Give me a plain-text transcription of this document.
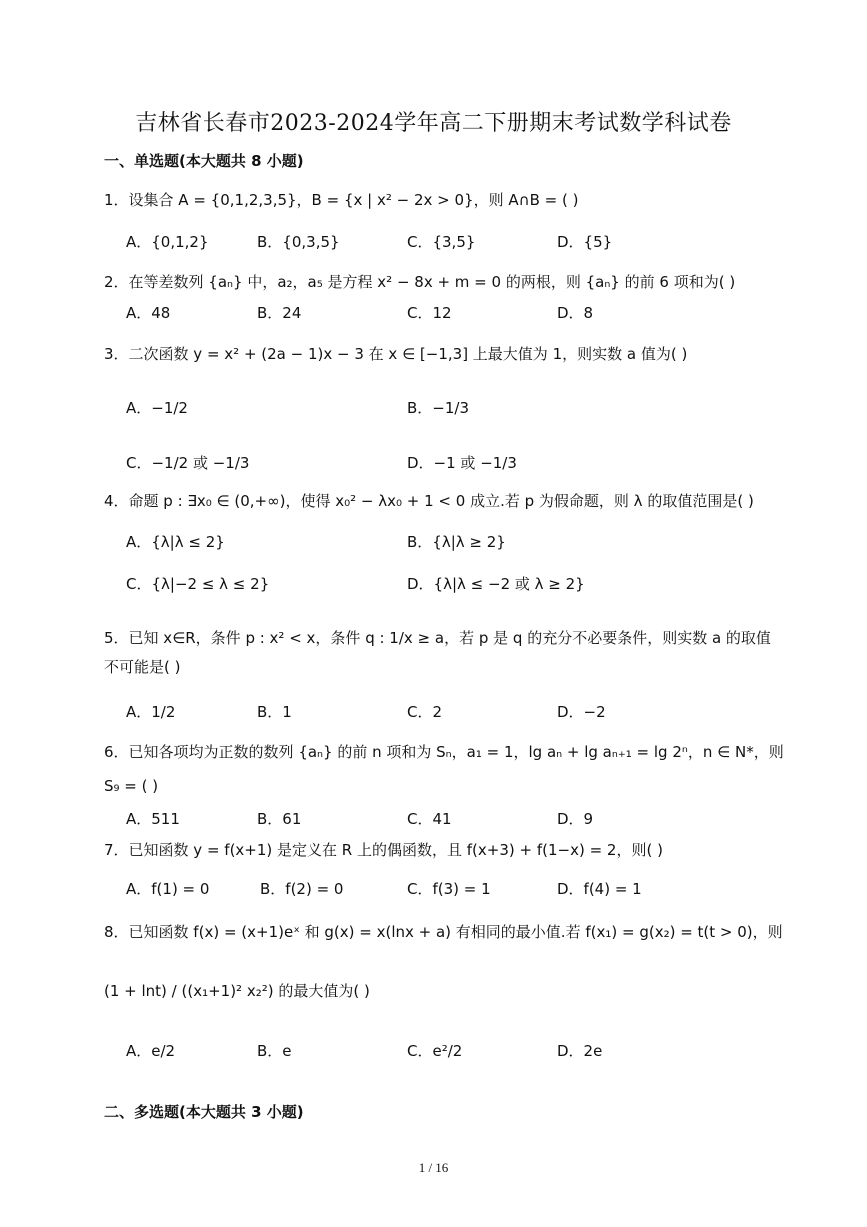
吉林省长春市2023-2024学年高二下册期末考试数学科试卷
一、单选题(本大题共 8 小题)
1．设集合 A = {0,1,2,3,5}，B = {x | x² − 2x > 0}，则 A∩B = ( )
A．{0,1,2}	B．{0,3,5}	C．{3,5}	D．{5}
2．在等差数列 {aₙ} 中，a₂，a₅ 是方程 x² − 8x + m = 0 的两根，则 {aₙ} 的前 6 项和为( )
A．48	B．24	C．12	D．8
3．二次函数 y = x² + (2a − 1)x − 3 在 x ∈ [−1,3] 上最大值为 1，则实数 a 值为( )
A．−1/2	B．−1/3
C．−1/2 或 −1/3	D．−1 或 −1/3
4．命题 p : ∃x₀ ∈ (0,+∞)，使得 x₀² − λx₀ + 1 < 0 成立.若 p 为假命题，则 λ 的取值范围是( )
A．{λ|λ ≤ 2}	B．{λ|λ ≥ 2}
C．{λ|−2 ≤ λ ≤ 2}	D．{λ|λ ≤ −2 或 λ ≥ 2}
5．已知 x∈R，条件 p : x² < x，条件 q : 1/x ≥ a，若 p 是 q 的充分不必要条件，则实数 a 的取值
不可能是( )
A．1/2	B．1	C．2	D．−2
6．已知各项均为正数的数列 {aₙ} 的前 n 项和为 Sₙ，a₁ = 1，lg aₙ + lg aₙ₊₁ = lg 2ⁿ，n ∈ N*，则
S₉ = ( )
A．511	B．61	C．41	D．9
7．已知函数 y = f(x+1) 是定义在 R 上的偶函数，且 f(x+3) + f(1−x) = 2，则( )
A．f(1) = 0	B．f(2) = 0	C．f(3) = 1	D．f(4) = 1
8．已知函数 f(x) = (x+1)eˣ 和 g(x) = x(lnx + a) 有相同的最小值.若 f(x₁) = g(x₂) = t(t > 0)，则
(1 + lnt) / ((x₁+1)² x₂²) 的最大值为( )
A．e/2	B．e	C．e²/2	D．2e
二、多选题(本大题共 3 小题)
1 / 16
